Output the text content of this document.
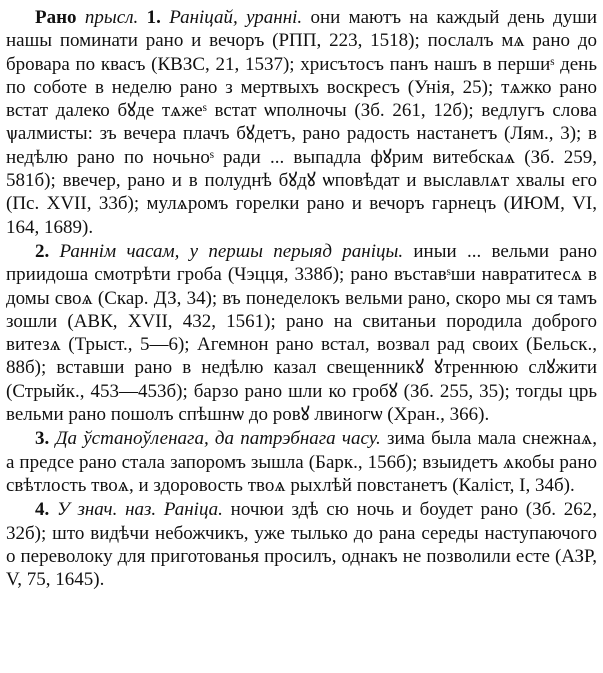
Рано прысл. 1. Раніцай, уранні. они маютъ на каждый день души нашы поминати рано и вечоръ (РПП, 223, 1518); послалъ мѧ рано до бровара по квасъ (КВЗС, 21, 1537); хрисътосъ панъ нашъ в першиˢ день по соботе в неделю рано з мертвыхъ воскресъ (Унія, 25); тѧжко рано встат далеко бꙋде тѧжеˢ встат ѡполночы (Зб. 261, 12б); ведлугъ слова ѱалмисты: зъ вечера плачъ бꙋдетъ, рано радость настанетъ (Лям., 3); в недѣлю рано по ночьноˢ ради ... выпадла фꙋрим витебскаѧ (Зб. 259, 581б); ввечер, рано и в полуднѣ бꙋдꙋ ѡповѣдат и выславлѧт хвалы его (Пс. XVII, 33б); мулѧромъ горелки рано и вечоръ гарнецъ (ИЮМ, VI, 164, 1689).

2. Раннім часам, у першы перыяд раніцы. иныи ... вельми рано приидоша смотрѣти гроба (Чэцця, 338б); рано въставˢши навратитесѧ в домы своѧ (Скар. ДЗ, 34); въ понеделокъ вельми рано, скоро мы ся тамъ зошли (АВК, XVII, 432, 1561); рано на свитаньи породила доброго витезѧ (Трыст., 5—6); Агемнон рано встал, возвал рад своих (Бельск., 88б); вставши рано в недѣлю казал свещенникꙋ ꙋтреннюю слꙋжити (Стрыйк., 453—453б); барзо рано шли ко гробꙋ (Зб. 255, 35); тогды црь вельми рано пошолъ спѣшнѡ до ровꙋ лвиногѡ (Хран., 366).

3. Да ўстаноўленага, да патрэбнага часу. зима была мала снежнаѧ, а предсе рано стала запоромъ зышла (Барк., 156б); взыидетъ ѧкобы рано свѣтлость твоѧ, и здоровость твоѧ рыхлѣй повстанетъ (Калiст, I, 34б).

4. У знач. наз. Раніца. ночюи здѣ сю ночь и боудет рано (Зб. 262, 32б); што видѣчи небожчикъ, уже тылько до рана середы наступаючого о переволоку для приготованья просилъ, однакъ не позволили есте (АЗР, V, 75, 1645).
